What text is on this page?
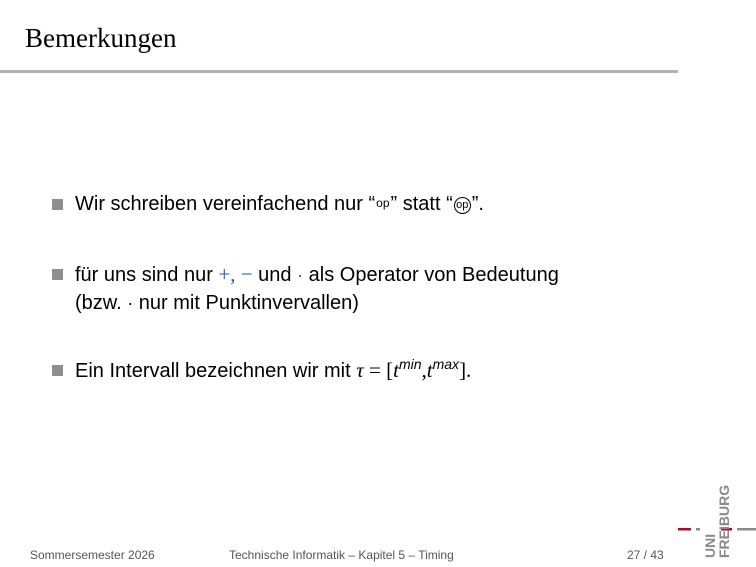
Bemerkungen
Wir schreiben vereinfachend nur “op” statt “ op ”.
für uns sind nur +, − und · als Operator von Bedeutung
(bzw. · nur mit Punktinvervallen)
Ein Intervall bezeichnen wir mit $\tau = [t^{min},t^{max}]$.
Sommersemester 2026	Technische Informatik – Kapitel 5 – Timing	27 / 43	UNI
FREIBURG
